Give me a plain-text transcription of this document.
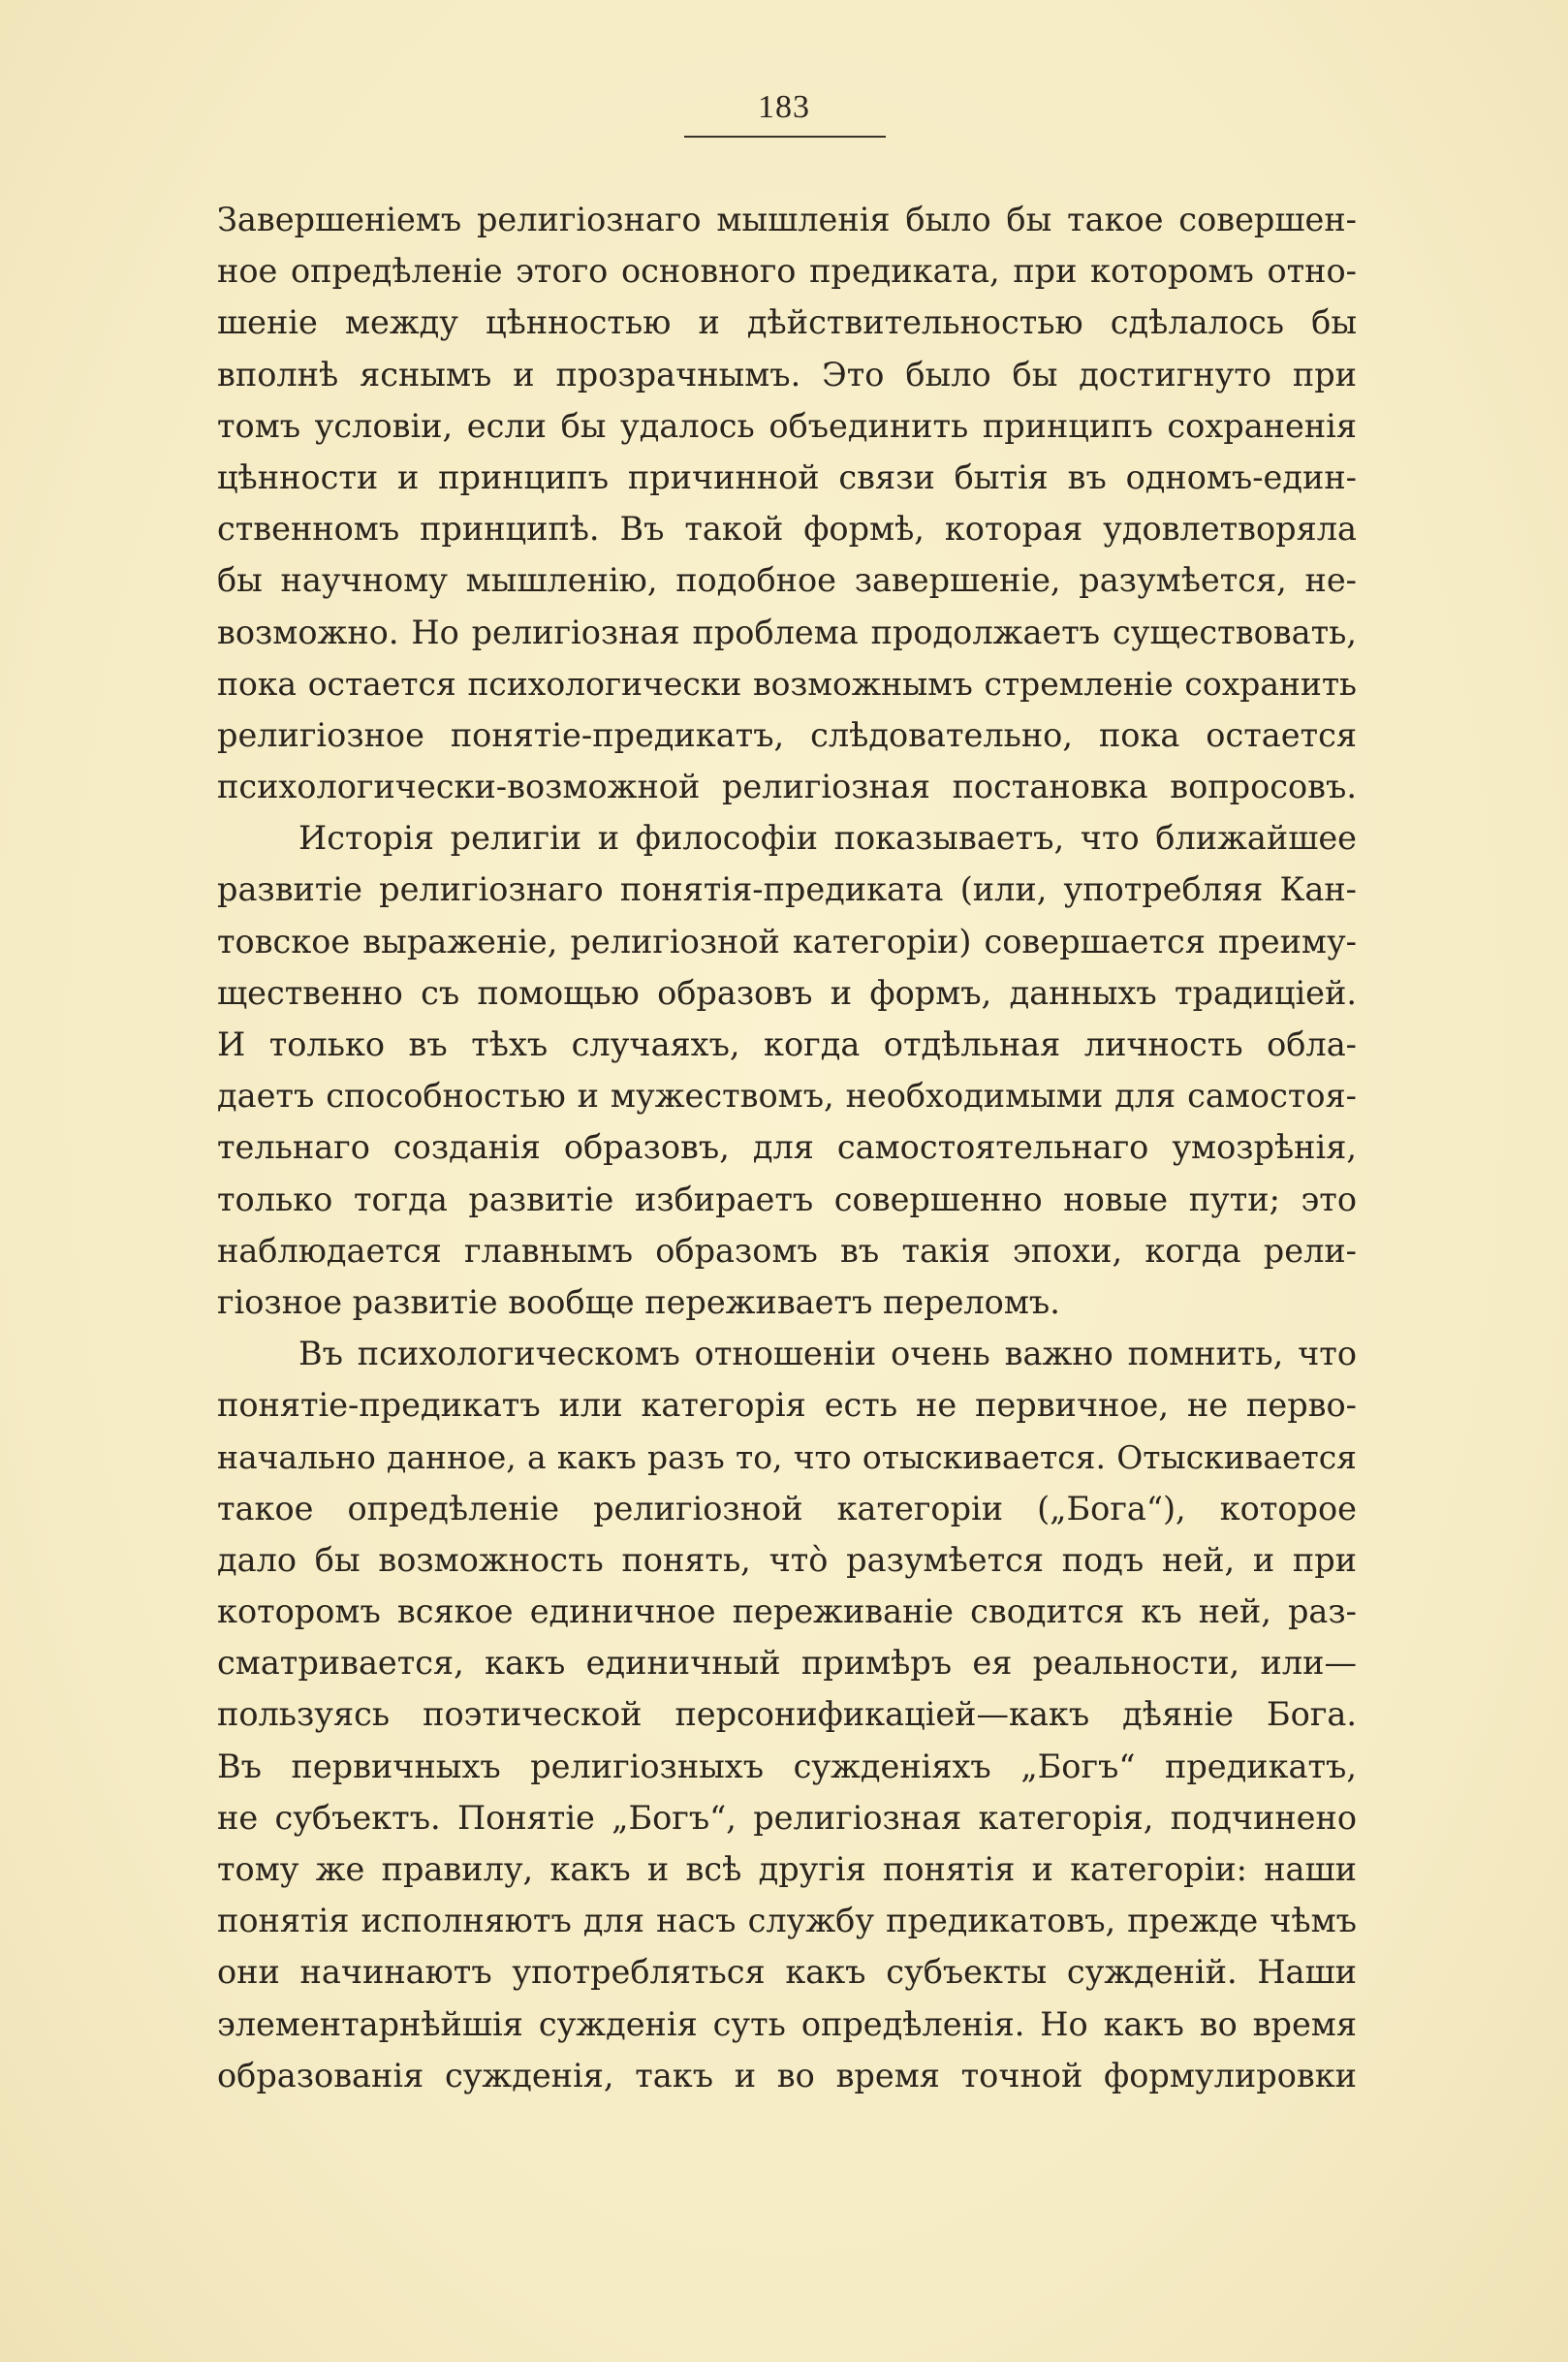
183
Завершеніемъ религіознаго мышленія было бы такое совершен-
ное опредѣленіе этого основного предиката, при которомъ отно-
шеніе между цѣнностью и дѣйствительностью сдѣлалось бы
вполнѣ яснымъ и прозрачнымъ. Это было бы достигнуто при
томъ условіи, если бы удалось объединить принципъ сохраненія
цѣнности и принципъ причинной связи бытія въ одномъ-един-
ственномъ принципѣ. Въ такой формѣ, которая удовлетворяла
бы научному мышленію, подобное завершеніе, разумѣется, не-
возможно. Но религіозная проблема продолжаетъ существовать,
пока остается психологически возможнымъ стремленіе сохранить
религіозное понятіе-предикатъ, слѣдовательно, пока остается
психологически-возможной религіозная постановка вопросовъ.
Исторія религіи и философіи показываетъ, что ближайшее
развитіе религіознаго понятія-предиката (или, употребляя Кан-
товское выраженіе, религіозной категоріи) совершается преиму-
щественно съ помощью образовъ и формъ, данныхъ традиціей.
И только въ тѣхъ случаяхъ, когда отдѣльная личность обла-
даетъ способностью и мужествомъ, необходимыми для самостоя-
тельнаго созданія образовъ, для самостоятельнаго умозрѣнія,
только тогда развитіе избираетъ совершенно новые пути; это
наблюдается главнымъ образомъ въ такія эпохи, когда рели-
гіозное развитіе вообще переживаетъ переломъ.
Въ психологическомъ отношеніи очень важно помнить, что
понятіе-предикатъ или категорія есть не первичное, не перво-
начально данное, а какъ разъ то, что отыскивается. Отыскивается
такое опредѣленіе религіозной категоріи („Бога“), которое
дало бы возможность понять, что̀ разумѣется подъ ней, и при
которомъ всякое единичное переживаніе сводится къ ней, раз-
сматривается, какъ единичный примѣръ ея реальности, или—
пользуясь поэтической персонификаціей—какъ дѣяніе Бога.
Въ первичныхъ религіозныхъ сужденіяхъ „Богъ“ предикатъ,
не субъектъ. Понятіе „Богъ“, религіозная категорія, подчинено
тому же правилу, какъ и всѣ другія понятія и категоріи: наши
понятія исполняютъ для насъ службу предикатовъ, прежде чѣмъ
они начинаютъ употребляться какъ субъекты сужденій. Наши
элементарнѣйшія сужденія суть опредѣленія. Но какъ во время
образованія сужденія, такъ и во время точной формулировки
